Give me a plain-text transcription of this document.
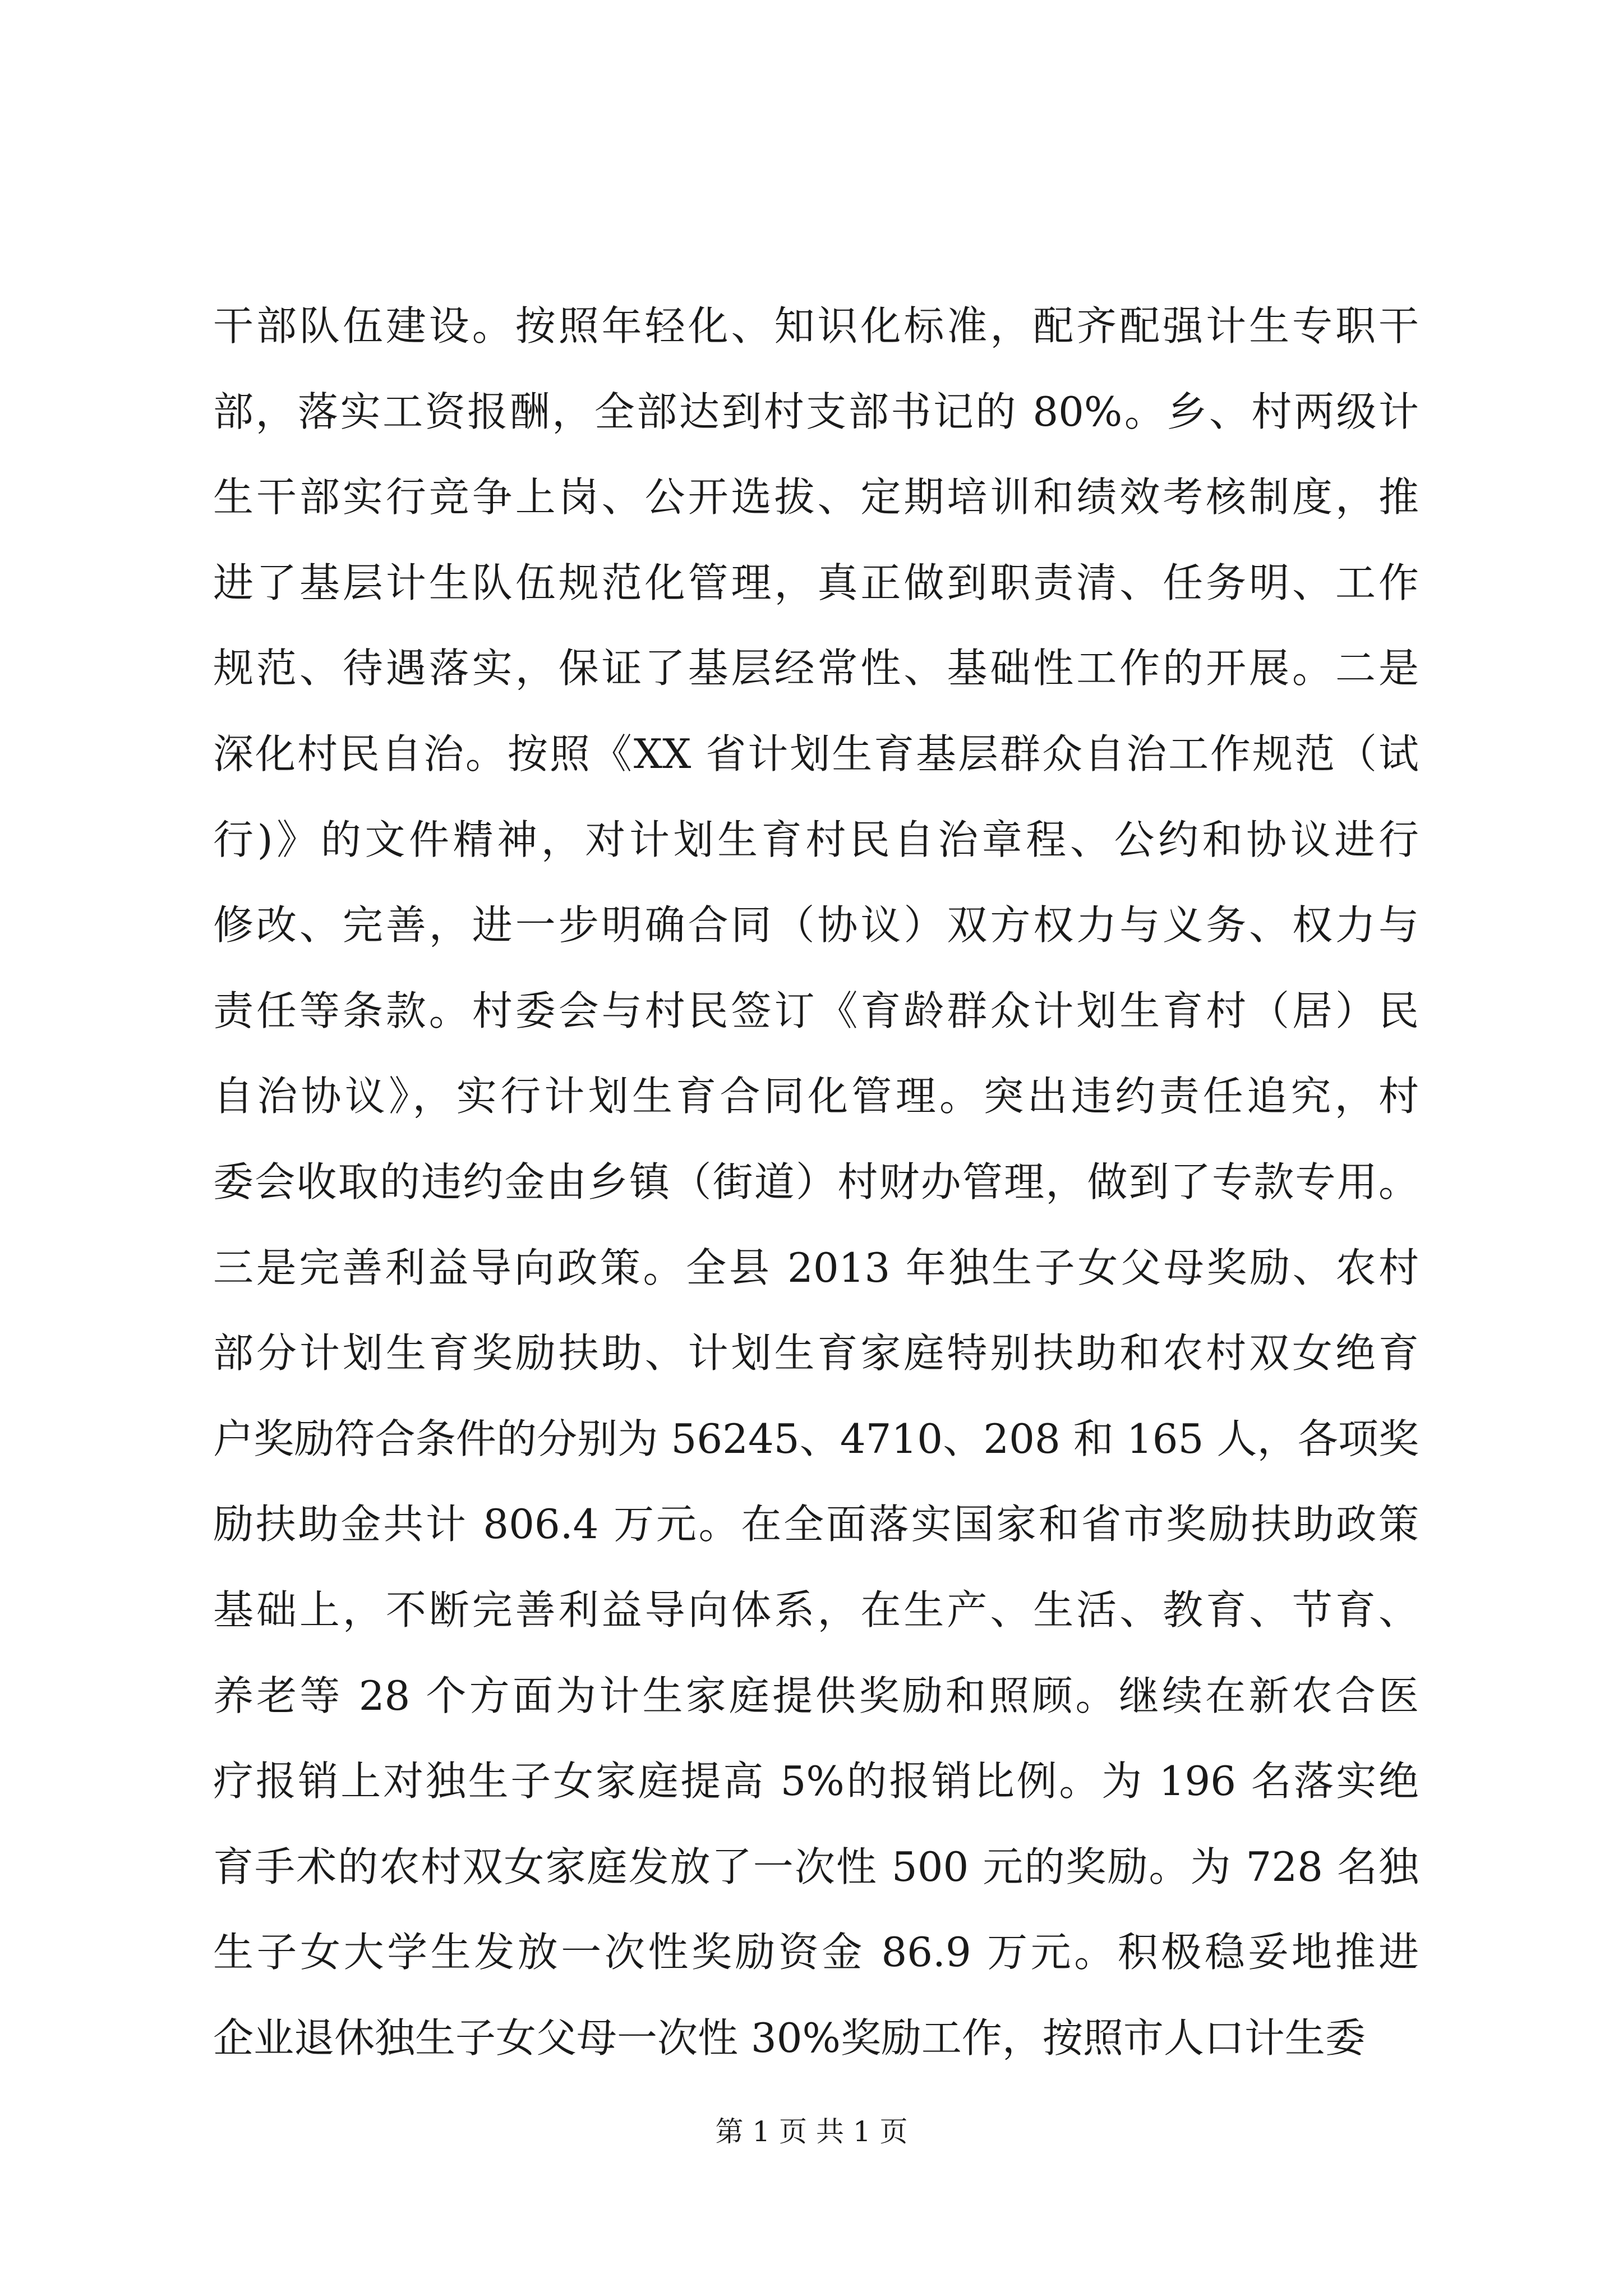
干部队伍建设。按照年轻化、知识化标准，配齐配强计生专职干
部，落实工资报酬，全部达到村支部书记的 80%。乡、村两级计
生干部实行竞争上岗、公开选拔、定期培训和绩效考核制度，推
进了基层计生队伍规范化管理，真正做到职责清、任务明、工作
规范、待遇落实，保证了基层经常性、基础性工作的开展。二是
深化村民自治。按照《XX 省计划生育基层群众自治工作规范（试
行)》的文件精神，对计划生育村民自治章程、公约和协议进行
修改、完善，进一步明确合同（协议）双方权力与义务、权力与
责任等条款。村委会与村民签订《育龄群众计划生育村（居）民
自治协议》，实行计划生育合同化管理。突出违约责任追究，村
委会收取的违约金由乡镇（街道）村财办管理，做到了专款专用。
三是完善利益导向政策。全县 2013 年独生子女父母奖励、农村
部分计划生育奖励扶助、计划生育家庭特别扶助和农村双女绝育
户奖励符合条件的分别为 56245、4710、208 和 165 人，各项奖
励扶助金共计 806.4 万元。在全面落实国家和省市奖励扶助政策
基础上，不断完善利益导向体系，在生产、生活、教育、节育、
养老等 28 个方面为计生家庭提供奖励和照顾。继续在新农合医
疗报销上对独生子女家庭提高 5%的报销比例。为 196 名落实绝
育手术的农村双女家庭发放了一次性 500 元的奖励。为 728 名独
生子女大学生发放一次性奖励资金 86.9 万元。积极稳妥地推进
企业退休独生子女父母一次性 30%奖励工作，按照市人口计生委
第 1 页 共 1 页
